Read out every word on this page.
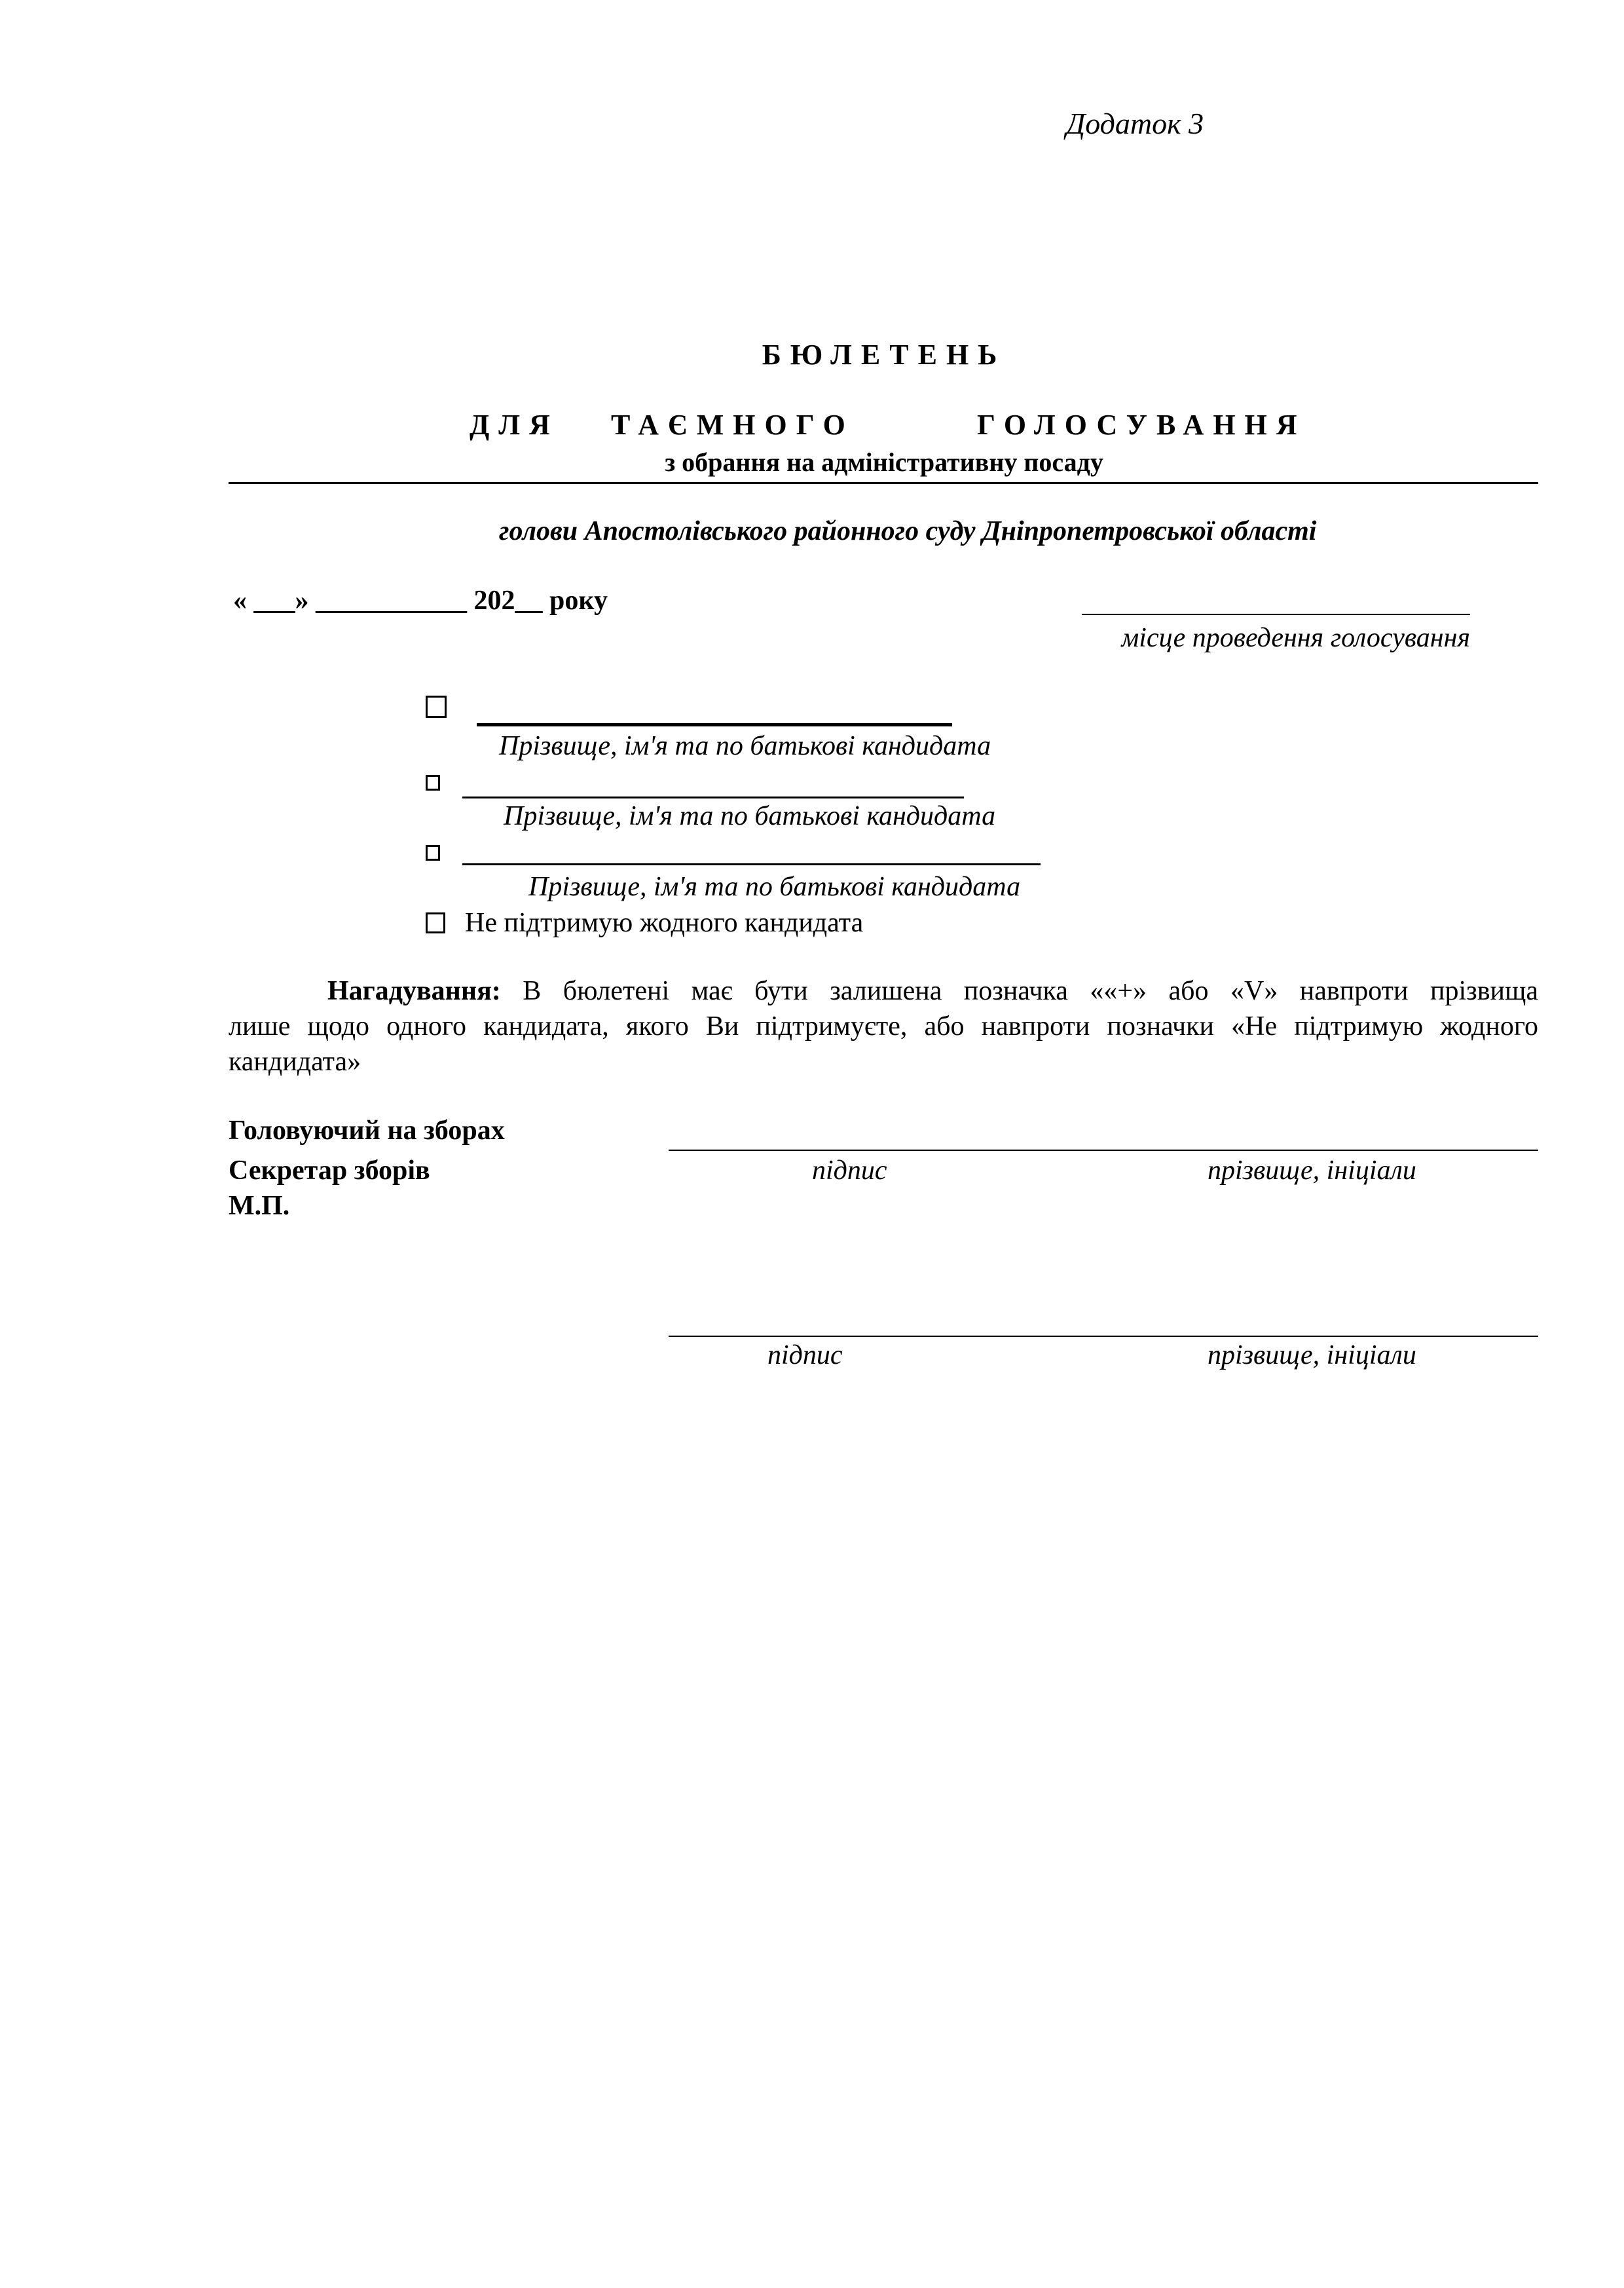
Додаток 3
БЮЛЕТЕНЬ
ДЛЯ ТАЄМНОГО	ГОЛОСУВАННЯ
з обрання на адміністративну посаду
голови Апостолівського районного суду Дніпропетровської області
« ___» ___________ 202__ року
місце проведення голосування
Прізвище, ім'я та по батькові кандидата
Прізвище, ім'я та по батькові кандидата
Прізвище, ім'я та по батькові кандидата
Не підтримую жодного кандидата
Нагадування: В бюлетені має бути залишена позначка ««+» або «V» навпроти прізвища
лише щодо одного кандидата, якого Ви підтримуєте, або навпроти позначки «Не підтримую жодного
кандидата»
Головуючий на зборах
Секретар зборів	підпис	прізвище, ініціали
М.П.
підпис	прізвище, ініціали
